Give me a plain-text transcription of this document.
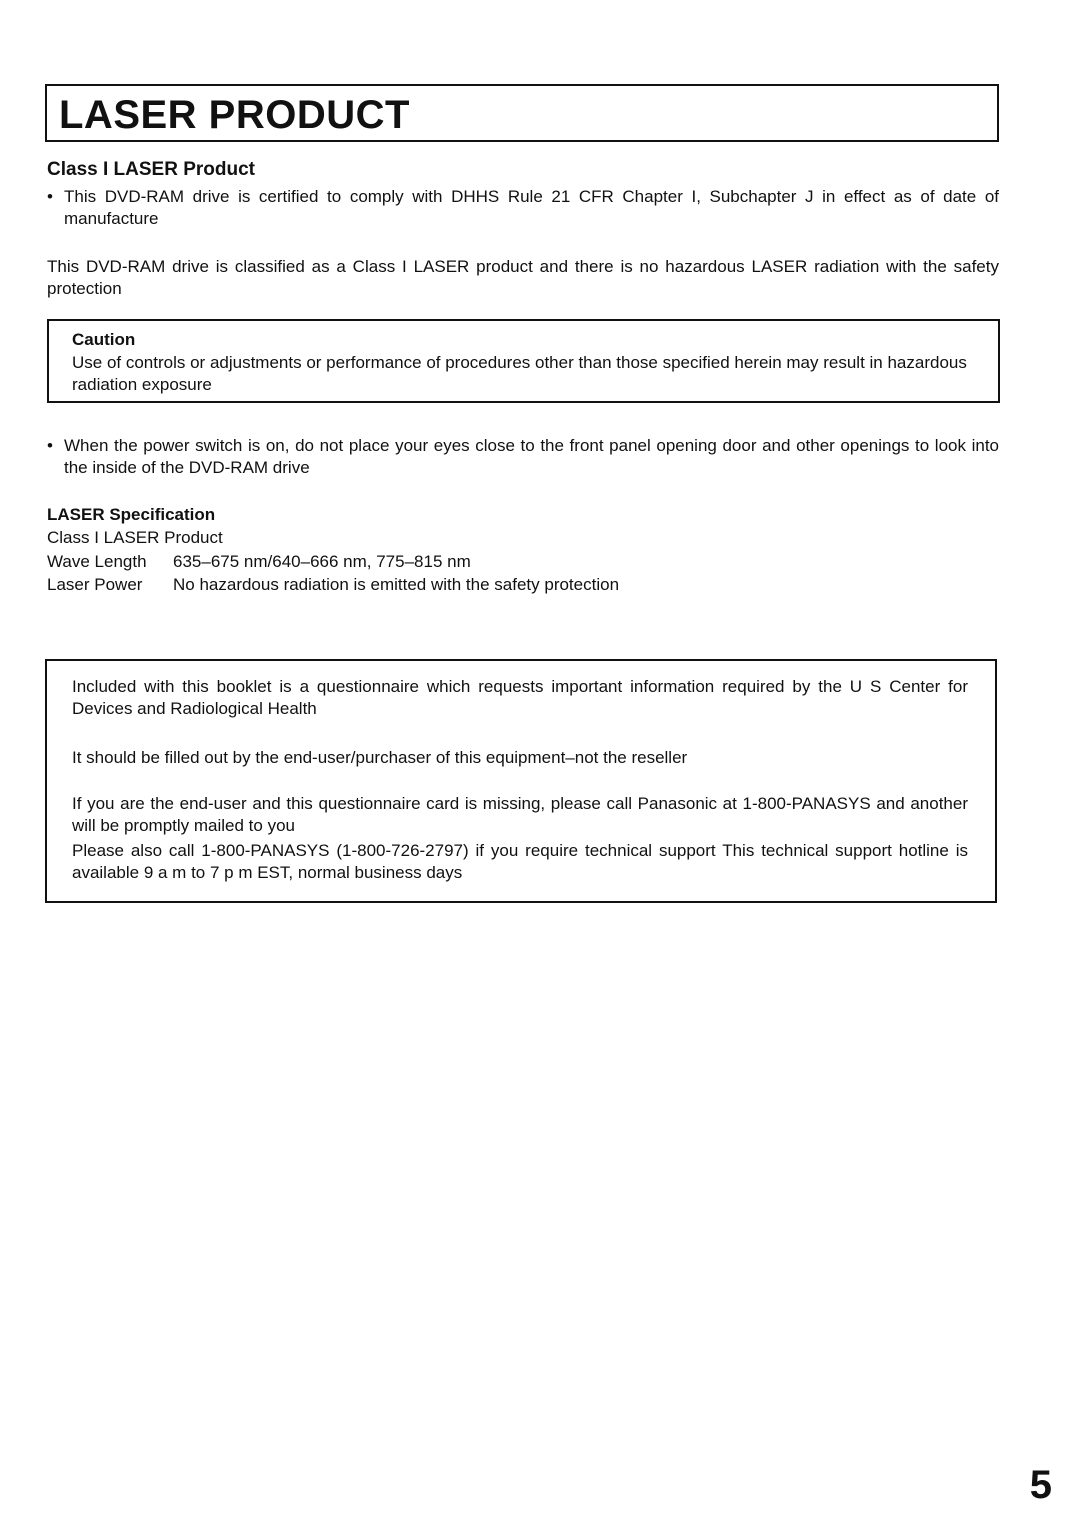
LASER PRODUCT
Class I LASER Product
• This DVD-RAM drive is certified to comply with DHHS Rule 21 CFR Chapter I, Subchapter J in effect as of date of manufacture

This DVD-RAM drive is classified as a Class I LASER product and there is no hazardous LASER radiation with the safety protection

Caution

Use of controls or adjustments or performance of procedures other than those specified herein may result in hazardous radiation exposure

• When the power switch is on, do not place your eyes close to the front panel opening door and other openings to look into the inside of the DVD-RAM drive

LASER Specification
Class I LASER Product
Wave Length 635–675 nm/640–666 nm, 775–815 nm
Laser Power No hazardous radiation is emitted with the safety protection

Included with this booklet is a questionnaire which requests important information required by the U S Center for Devices and Radiological Health

It should be filled out by the end-user/purchaser of this equipment–not the reseller

If you are the end-user and this questionnaire card is missing, please call Panasonic at 1-800-PANASYS and another will be promptly mailed to you

Please also call 1-800-PANASYS (1-800-726-2797) if you require technical support This technical support hotline is available 9 a m to 7 p m EST, normal business days

5
